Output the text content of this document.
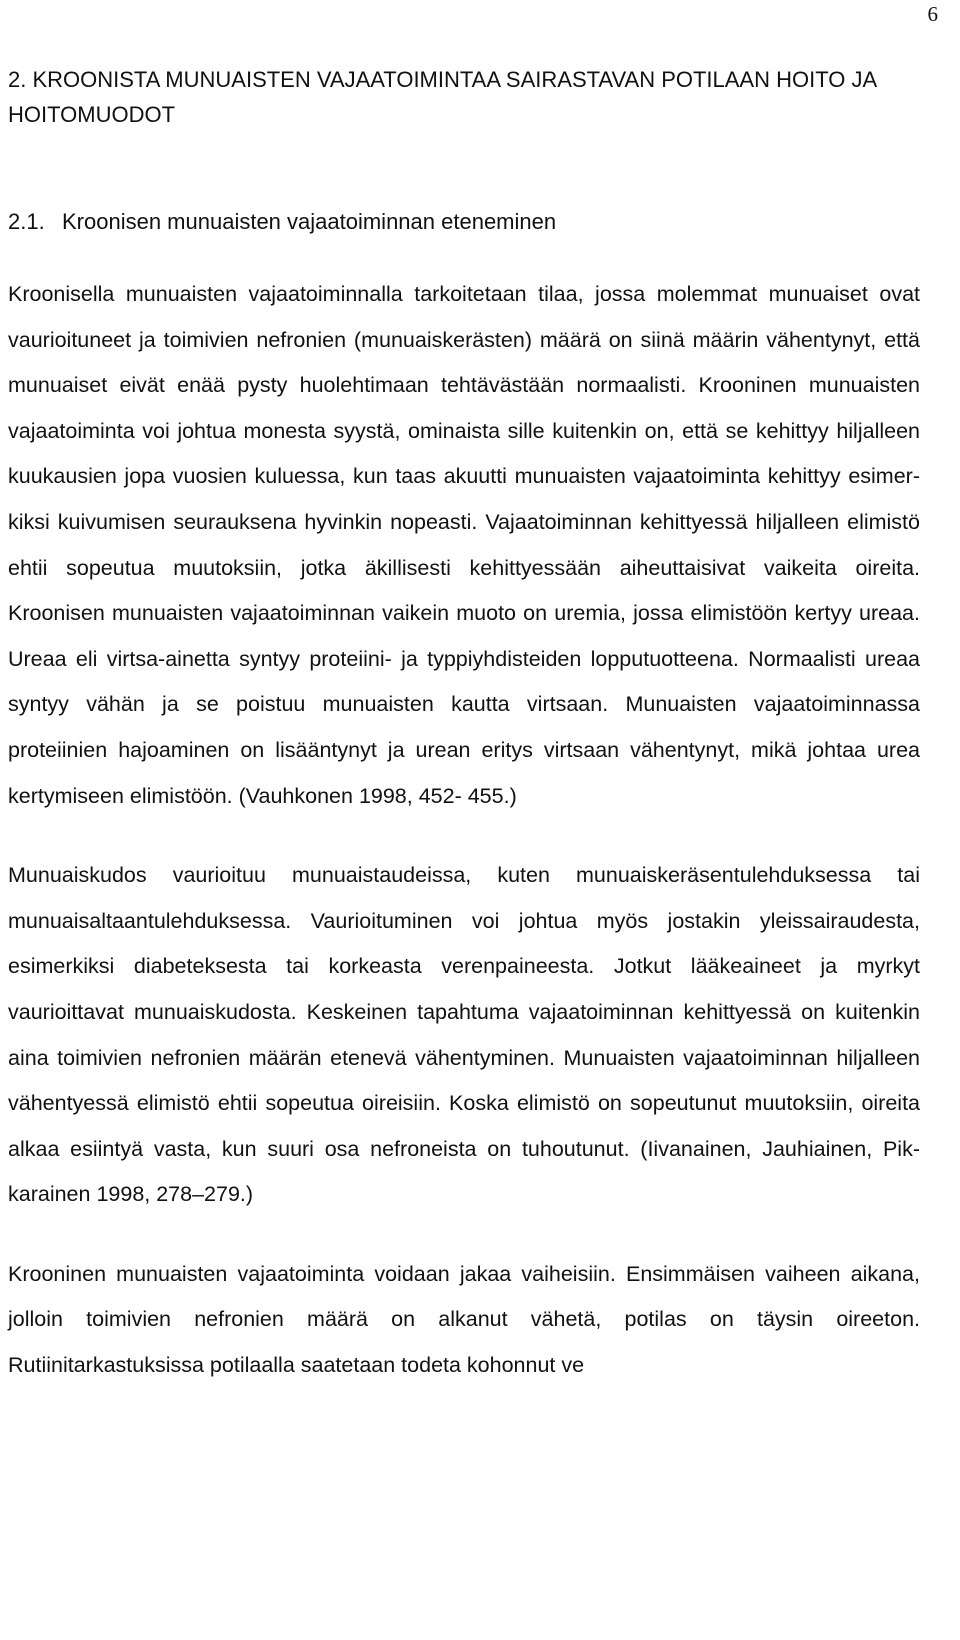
6
2. KROONISTA MUNUAISTEN VAJAATOIMINTAA SAIRASTAVAN POTILAAN HOITO JA HOITOMUODOT
2.1. Kroonisen munuaisten vajaatoiminnan eteneminen

Kroonisella munuaisten vajaatoiminnalla tarkoitetaan tilaa, jossa molemmat munuaiset ovat vaurioituneet ja toimivien nefronien (munuaiskerästen) määrä on siinä määrin vähentynyt, että munuaiset eivät enää pysty huolehtimaan tehtävästään normaalisti. Krooninen munuaisten vajaatoiminta voi johtua monesta syystä, ominaista sille kuitenkin on, että se kehittyy hiljalleen kuukausien jopa vuosien kuluessa, kun taas akuutti munuaisten vajaatoiminta kehittyy esimerkiksi kuivumisen seurauksena hyvinkin nopeasti. Vajaatoiminnan kehittyessä hiljalleen elimistö ehtii sopeutua muutoksiin, jotka äkillisesti kehittyessään aiheuttaisivat vaikeita oireita. Kroonisen munuaisten vajaatoiminnan vaikein muoto on uremia, jossa elimistöön kertyy ureaa. Ureaa eli virtsa-ainetta syntyy proteiini- ja typpiyhdisteiden lopputuotteena. Normaalisti ureaa syntyy vähän ja se poistuu munuaisten kautta virtsaan. Munuaisten vajaatoiminnassa proteiinien hajoaminen on lisääntynyt ja urean eritys virtsaan vähentynyt, mikä johtaa urea kertymiseen elimistöön. (Vauhkonen 1998, 452- 455.)

Munuaiskudos vaurioituu munuaistaudeissa, kuten munuaiskeräsentulehduksessa tai munuaisaltaantulehduksessa. Vaurioituminen voi johtua myös jostakin yleissairaudesta, esimerkiksi diabeteksesta tai korkeasta verenpaineesta. Jotkut lääkeaineet ja myrkyt vaurioittavat munuaiskudosta. Keskeinen tapahtuma vajaatoiminnan kehittyessä on kuitenkin aina toimivien nefronien määrän etenevä vähentyminen. Munuaisten vajaatoiminnan hiljalleen vähentyessä elimistö ehtii sopeutua oireisiin. Koska elimistö on sopeutunut muutoksiin, oireita alkaa esiintyä vasta, kun suuri osa nefroneista on tuhoutunut. (Iivanainen, Jauhiainen, Pikkarainen 1998, 278–279.)

Krooninen munuaisten vajaatoiminta voidaan jakaa vaiheisiin. Ensimmäisen vaiheen aikana, jolloin toimivien nefronien määrä on alkanut vähetä, potilas on täysin oireeton. Rutiinitarkastuksissa potilaalla saatetaan todeta kohonnut ve
